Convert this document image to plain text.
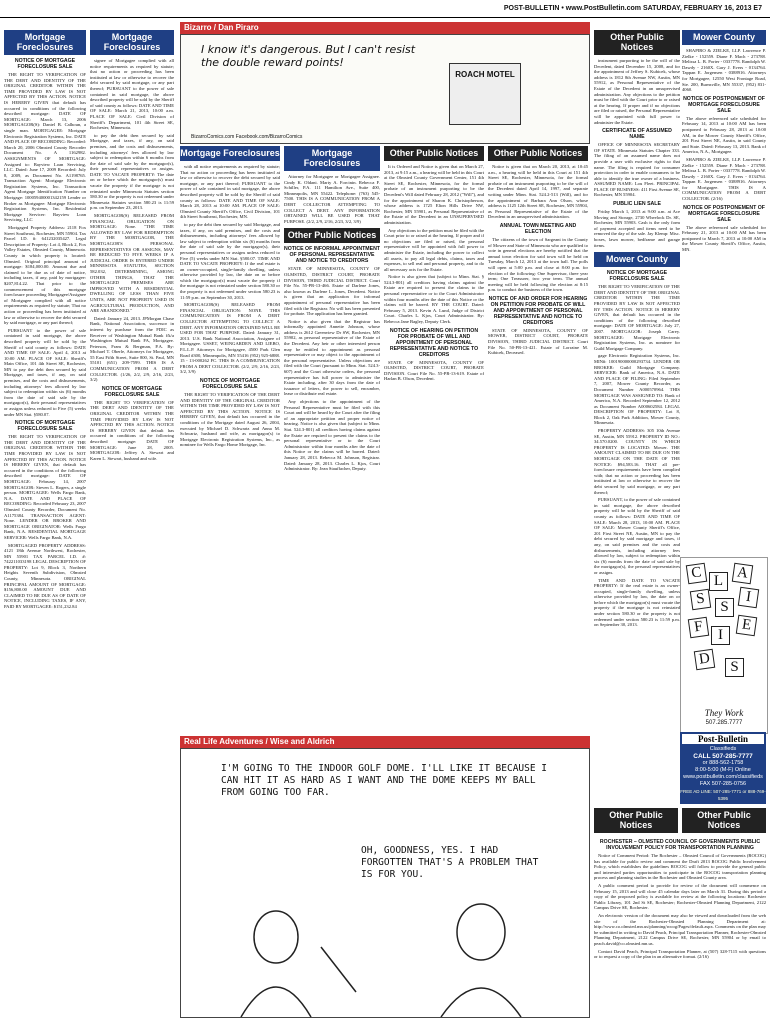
POST-BULLETIN • www.PostBulletin.com SATURDAY, FEBRUARY 16, 2013 E7
Mortgage Foreclosures
NOTICE OF MORTGAGE FORECLOSURE SALE
THE RIGHT TO VERIFICATION OF THE DEBT AND IDENTITY OF THE ORIGINAL CREDITOR WITHIN THE TIME PROVIDED BY LAW IS NOT AFFECTED BY THIS ACTION. NOTICE IS HEREBY GIVEN that default has occurred in conditions of the following described mortgage: DATE OF MORTGAGE: March 13, 2006 MORTGAGOR(S): Daniel B. Calhoun, a single man. MORTGAGEE: Mortgage Electronic Registration Systems, Inc. DATE AND PLACE OF RECORDING: Recorded: March 20, 2006 Olmsted County Recorder Document No. A 1162982. ASSIGNMENTS OF MORTGAGE: Assigned to: Bayview Loan Servicing, LLC. Dated: June 17, 2009 Recorded: July 8, 2009, as Document No. A1198765. Transaction Agent: Mortgage Electronic Registration Systems, Inc. Transaction Agent Mortgage Identification Number on Mortgage: 100059400001342159 Lender or Broker as Mortgagee: Mortgage Electronic Registration Systems, Inc. Residential Mortgage Servicer: Bayview Loan Servicing, LLC
Mortgaged Property Address: 2118 Fox Street Southeast, Rochester, MN 55904. Tax Parcel I.D. #: 641232035427. Legal Description of Property: Lot 4, Block 2, Fox Valley Estates, Olmsted County, Minnesota. County in which property is located: Olmsted. Original principal amount of mortgage: $184,000.00. Amount due and claimed to be due as of date of notice, including taxes, if any, paid by mortgagee: $207,814.22. That prior to the commencement of this mortgage foreclosure proceeding Mortgagee/Assignee of Mortgagee complied with all notice requirements as required by statute; That no action or proceeding has been instituted at law or otherwise to recover the debt secured by said mortgage, or any part thereof;
PURSUANT to the power of sale contained in said mortgage, the above described property will be sold by the Sheriff of said county as follows: DATE AND TIME OF SALE: April 4, 2013 at 10:00 AM. PLACE OF SALE: Sheriff's Main Office, 101 4th Street SE, Rochester, MN to pay the debt then secured by said Mortgage, and taxes, if any, on said premises, and the costs and disbursements, including attorneys' fees allowed by law subject to redemption within six (6) months from the date of said sale by the mortgagor(s), their personal representatives or assigns unless reduced to Five (5) weeks under MN Stat. §580.07.
NOTICE OF MORTGAGE FORECLOSURE SALE
THE RIGHT TO VERIFICATION OF THE DEBT AND IDENTITY OF THE ORIGINAL CREDITOR WITHIN THE TIME PROVIDED BY LAW IS NOT AFFECTED BY THIS ACTION. NOTICE IS HEREBY GIVEN, that default has occurred in the conditions of the following described mortgage: DATE OF MORTGAGE: February 14, 2007 MORTGAGOR: Steven L. Rogers, a single person. MORTGAGEE: Wells Fargo Bank, N.A. DATE AND PLACE OF RECORDING: Recorded February 23, 2007 Olmsted County Recorder, Document No. A1175384. TRANSACTION AGENT: None. LENDER OR BROKER AND MORTGAGE ORIGINATOR: Wells Fargo Bank, N.A. RESIDENTIAL MORTGAGE SERVICER: Wells Fargo Bank, N.A.
MORTGAGED PROPERTY ADDRESS: 4121 18th Avenue Northwest, Rochester, MN 55901 TAX PARCEL I.D. #: 742211033198 LEGAL DESCRIPTION OF PROPERTY: Lot 9, Block 3, Northern Heights Seventh Subdivision, Olmsted County, Minnesota. ORIGINAL PRINCIPAL AMOUNT OF MORTGAGE: $156,800.00 AMOUNT DUE AND CLAIMED TO BE DUE AS OF DATE OF NOTICE, INCLUDING TAXES, IF ANY, PAID BY MORTGAGEE: $151,232.84
Mortgage Foreclosures
signee of Mortgagee complied with all notice requirements as required by statute; that no action or proceeding has been instituted at law or otherwise to recover the debt secured by said mortgage, or any part thereof; PURSUANT to the power of sale contained in said mortgage, the above described property will be sold by the Sheriff of said county as follows: DATE AND TIME OF SALE: March 21, 2013, 10:00 a.m. PLACE OF SALE: Civil Division of Sheriff's Department, 101 4th Street SE, Rochester, Minnesota.
to pay the debt then secured by said Mortgage, and taxes, if any, on said premises, and the costs and disbursements, including attorneys' fees allowed by law subject to redemption within 6 months from the date of said sale by the mortgagor(s), their personal representatives or assigns. DATE TO VACATE PROPERTY: The date on or before which the mortgagor(s) must vacate the property if the mortgage is not reinstated under Minnesota Statutes section 580.30 or the property is not redeemed under Minnesota Statutes section 580.23 is 11:59 p.m. on September 23, 2013.
MORTGAGOR(S) RELEASED FROM FINANCIAL OBLIGATION ON MORTGAGE: None. "THE TIME ALLOWED BY LAW FOR REDEMPTION BY THE MORTGAGOR, THE MORTGAGOR'S PERSONAL REPRESENTATIVES OR ASSIGNS, MAY BE REDUCED TO FIVE WEEKS IF A JUDICIAL ORDER IS ENTERED UNDER MINNESOTA STATUTES, SECTION 582.032, DETERMINING, AMONG OTHER THINGS, THAT THE MORTGAGED PREMISES ARE IMPROVED WITH A RESIDENTIAL DWELLING OF LESS THAN FIVE UNITS, ARE NOT PROPERTY USED IN AGRICULTURAL PRODUCTION, AND ARE ABANDONED."
Dated: January 24, 2013. JPMorgan Chase Bank, National Association, successor in interest by purchase from the FDIC as Receiver of Washington Mutual Bank f/k/a Washington Mutual Bank FA, Mortgagee. Peterson, Fram & Bergman, P.A. By: Michael T. Oberle, Attorneys for Mortgagee, 55 East Fifth Street, Suite 800, St. Paul, MN 55101 (651) 209-7599. THIS IS A COMMUNICATION FROM A DEBT COLLECTOR. (1/26, 2/2, 2/9, 2/16, 2/23, 3/2)
NOTICE OF MORTGAGE FORECLOSURE SALE
THE RIGHT TO VERIFICATION OF THE DEBT AND IDENTITY OF THE ORIGINAL CREDITOR WITHIN THE TIME PROVIDED BY LAW IS NOT AFFECTED BY THIS ACTION. NOTICE IS HEREBY GIVEN that default has occurred in conditions of the following described mortgage: DATE OF MORTGAGE: June 28, 2005. MORTGAGOR: Jeffrey A. Stewart and Karen L. Stewart, husband and wife.
Bizarro / Dan Piraro
I know it's dangerous. But I can't resist the double reward points!
ROACH MOTEL
BizarroComics.com Facebook.com/BizarroComics
Mortgage Foreclosures
with all notice requirements as required by statute; That no action or proceeding has been instituted at law or otherwise to recover the debt secured by said mortgage, or any part thereof; PURSUANT to the power of sale contained in said mortgage, the above described property will be sold by the Sheriff of said county as follows: DATE AND TIME OF SALE: March 28, 2013 at 10:00 AM. PLACE OF SALE: Olmsted County Sheriff's Office, Civil Division, 101 4th Street Southeast, Rochester, MN.
to pay the debt then secured by said Mortgage, and taxes, if any, on said premises, and the costs and disbursements, including attorneys' fees allowed by law subject to redemption within six (6) months from the date of said sale by the mortgagor(s), their personal representatives or assigns unless reduced to Five (5) weeks under MN Stat. §580.07. TIME AND DATE TO VACATE PROPERTY: If the real estate is an owner-occupied, single-family dwelling, unless otherwise provided by law, the date on or before which the mortgagor(s) must vacate the property if the mortgage is not reinstated under section 580.30 or the property is not redeemed under section 580.23 is 11:59 p.m. on September 30, 2013.
MORTGAGOR(S) RELEASED FROM FINANCIAL OBLIGATION: NONE. THIS COMMUNICATION IS FROM A DEBT COLLECTOR ATTEMPTING TO COLLECT A DEBT. ANY INFORMATION OBTAINED WILL BE USED FOR THAT PURPOSE. Dated: January 31, 2013. U.S. Bank National Association, Assignee of Mortgagee. USSET, WEINGARDEN AND LIEBO, P.L.L.P. Attorneys for Mortgagee, 4500 Park Glen Road #300, Minneapolis, MN 55416 (952) 925-6888. 15 - 13-000262 FC. THIS IS A COMMUNICATION FROM A DEBT COLLECTOR. (2/2, 2/9, 2/16, 2/23, 3/2, 3/9)
NOTICE OF MORTGAGE FORECLOSURE SALE
THE RIGHT TO VERIFICATION OF THE DEBT AND IDENTITY OF THE ORIGINAL CREDITOR WITHIN THE TIME PROVIDED BY LAW IS NOT AFFECTED BY THIS ACTION. NOTICE IS HEREBY GIVEN, that default has occurred in the conditions of the Mortgage dated August 26, 2004, executed by Michael D. Schwartz and Anna M. Schwartz, husband and wife, as mortgagor(s) to Mortgage Electronic Registration Systems, Inc., as nominee for Wells Fargo Home Mortgage, Inc.
Mortgage Foreclosures
Attorney for Mortgagee or Mortgagee Assignee. Cindy K. Oldani. Marty A. Forcinin. Rebecca F. Schiller, P.A. 111 Hamilton Ave., Suite 400, Minneapolis, MN 55422. Telephone: (763) 545-7500. THIS IS A COMMUNICATION FROM A DEBT COLLECTOR ATTEMPTING TO COLLECT A DEBT. ANY INFORMATION OBTAINED WILL BE USED FOR THAT PURPOSE. (2/2, 2/9, 2/16, 2/23, 3/2, 3/9)
Other Public Notices
NOTICE OF INFORMAL APPOINTMENT OF PERSONAL REPRESENTATIVE AND NOTICE TO CREDITORS
STATE OF MINNESOTA, COUNTY OF OLMSTED, DISTRICT COURT, PROBATE DIVISION, THIRD JUDICIAL DISTRICT. Court File No. 55-PR-13-466. Estate of Darlene Jones, also known as Darlene L. Jones, Decedent. Notice is given that an application for informal appointment of personal representative has been filed with the Registrar. No will has been presented for probate. The application has been granted.
Notice is also given that the Registrar has informally appointed Annette Johnson, whose address is 2612 Greenview Dr SW, Rochester, MN 55902, as personal representative of the Estate of the Decedent. Any heir or other interested person may be entitled to appointment as personal representative or may object to the appointment of the personal representative. Unless objections are filed with the Court (pursuant to Minn. Stat. 524.3-607) and the Court otherwise orders, the personal representative has full power to administer the Estate including, after 30 days from the date of issuance of letters, the power to sell, encumber, lease or distribute real estate.
Any objections to the appointment of the Personal Representative must be filed with this Court and will be heard by the Court after the filing of an appropriate petition and proper notice of hearing. Notice is also given that (subject to Minn. Stat. 524.3-801) all creditors having claims against the Estate are required to present the claims to the personal representative or to the Court Administrator within four months after the date of this Notice or the claims will be barred. Dated: January 28, 2013. Rebecca M. Johnson, Registrar. Dated: January 28, 2013. Charles L. Kjos, Court Administrator. By: Jean Stauffacher, Deputy.
Other Public Notices
It is Ordered and Notice is given that on March 27, 2013, at 9:15 a.m., a hearing will be held in this Court at the Olmsted County Government Center, 151 4th Street SE, Rochester, Minnesota, for the formal probate of an instrument purporting to be the Decedent's Will dated February 28, 2012 ("Will"), and for the appointment of Sharon K. Christopherson, whose address is 1725 Elton Hills Drive NW, Rochester, MN 55901, as Personal Representative of the Estate of the Decedent in an UNSUPERVISED administration.
Any objections to the petition must be filed with the Court prior to or raised at the hearing. If proper and if no objections are filed or raised, the personal representative will be appointed with full power to administer the Estate, including the power to collect all assets, to pay all legal debts, claims, taxes and expenses, to sell real and personal property, and to do all necessary acts for the Estate.
Notice is also given that (subject to Minn. Stat. § 524.3-801) all creditors having claims against the Estate are required to present the claims to the personal representative or to the Court Administrator within four months after the date of this Notice or the claims will be barred. BY THE COURT. Dated: February 5, 2013. Kevin A. Lund, Judge of District Court. Charles L. Kjos, Court Administrator. By: Rebecca Jane Bagley, Deputy Clerk.
NOTICE OF HEARING ON PETITION FOR PROBATE OF WILL AND APPOINTMENT OF PERSONAL REPRESENTATIVE AND NOTICE TO CREDITORS
STATE OF MINNESOTA, COUNTY OF OLMSTED, DISTRICT COURT, PROBATE DIVISION. Court File No. 55-PR-13-619. Estate of Harlan B. Olson, Decedent.
Other Public Notices
Notice is given that on March 20, 2013, at 10:45 a.m., a hearing will be held in this Court at 151 4th Street SE, Rochester, Minnesota, for the formal probate of an instrument purporting to be the will of the Decedent dated April 14, 1997, and separate writing under Minn. Stat. 524.2-513 (Will), and for the appointment of Barbara Ann Olson, whose address is 1125 12th Street SE, Rochester, MN 55904, as Personal Representative of the Estate of the Decedent in an unsupervised administration.
ANNUAL TOWN MEETING AND ELECTION
The citizens of the town of Sargeant in the County of Mower and State of Minnesota who are qualified to vote in general elections are hereby notified that the annual town election for said town will be held on Tuesday, March 12, 2013 at the town hall. The polls will open at 5:00 p.m. and close at 8:00 p.m. for election of the following: One Supervisor, three year term; One Treasurer, two year term. The annual meeting will be held following the election at 8:15 p.m. to conduct the business of the town.
NOTICE OF AND ORDER FOR HEARING ON PETITION FOR PROBATE OF WILL AND APPOINTMENT OF PERSONAL REPRESENTATIVE AND NOTICE TO CREDITORS
STATE OF MINNESOTA, COUNTY OF MOWER, DISTRICT COURT, PROBATE DIVISION, THIRD JUDICIAL DISTRICT. Court File No. 50-PR-13-421. Estate of Lorraine M. Kubicek, Deceased.
Real Life Adventures / Wise and Aldrich
I'M GOING TO THE INDOOR GOLF DOME. I'LL LIKE IT BECAUSE I CAN HIT IT AS HARD AS I WANT AND THE DOME KEEPS MY BALL FROM GOING TOO FAR.
OH, GOODNESS, YES. I HAD FORGOTTEN THAT'S A PROBLEM THAT IS FOR YOU.
Other Public Notices
instrument purporting to be the will of the Decedent, dated December 15, 2008, and for the appointment of Jeffrey S. Kubicek, whose address is 1812 8th Avenue NW, Austin, MN 55912, as Personal Representative of the Estate of the Decedent in an unsupervised administration. Any objections to the petition must be filed with the Court prior to or raised at the hearing. If proper and if no objections are filed or raised, the Personal Representative will be appointed with full power to administer the Estate.
CERTIFICATE OF ASSUMED NAME
OFFICE OF MINNESOTA SECRETARY OF STATE. Minnesota Statutes Chapter 333. The filing of an assumed name does not provide a user with exclusive rights to that name. The filing is required for consumer protection in order to enable consumers to be able to identify the true owner of a business. ASSUMED NAME: Lou Fleet. PRINCIPAL PLACE OF BUSINESS: 411 First Avenue SE, Rochester, MN 55904.
PUBLIC LIEN SALE
Friday March 1, 2013 at 9:00 a.m. at Ace Moving and Storage, 2730 Wheelock Dr. SE, Rochester, MN 55903. Cash is the only form of payment accepted and items need to be removed the day of the sale. Jay Klemp: Misc. boxes, lawn mower, bedframe and garage items.
Mower County
NOTICE OF MORTGAGE FORECLOSURE SALE
THE RIGHT TO VERIFICATION OF THE DEBT AND IDENTITY OF THE ORIGINAL CREDITOR WITHIN THE TIME PROVIDED BY LAW IS NOT AFFECTED BY THIS ACTION. NOTICE IS HEREBY GIVEN, that default has occurred in the conditions of the following described mortgage: DATE OF MORTGAGE: July 27, 2007. MORTGAGOR: Joseph Carey. MORTGAGEE: Mortgage Electronic Registration Systems, Inc. as nominee for Guild Mortgage Company.
gage Electronic Registration Systems, Inc. MIN#: 100190000000293734. LENDER OR BROKER: Guild Mortgage Company. SERVICER: Bank of America, N.A. DATE AND PLACE OF FILING: Filed September 7, 2007, Mower County Recorder, as Document Number A000570964. THIS MORTGAGE WAS ASSIGNED TO: Bank of America, N.A. Recorded September 12, 2012 as Document Number A000602584. LEGAL DESCRIPTION OF PROPERTY: Lot 8, Block 2, Oak Park Addition, Mower County, Minnesota.
PROPERTY ADDRESS: 305 10th Avenue SE, Austin, MN 55912. PROPERTY ID NO.: 34.570.0200. COUNTY IN WHICH PROPERTY IS LOCATED: Mower. THE AMOUNT CLAIMED TO BE DUE ON THE MORTGAGE ON THE DATE OF THE NOTICE: $94,583.16. THAT all pre-foreclosure requirements have been complied with; that no action or proceeding has been instituted at law or otherwise to recover the debt secured by said mortgage, or any part thereof;
PURSUANT, to the power of sale contained in said mortgage, the above described property will be sold by the Sheriff of said county as follows: DATE AND TIME OF SALE: March 28, 2013, 10:00 AM. PLACE OF SALE: Mower County Sheriff's Office, 201 First Street NE, Austin, MN to pay the debt secured by said mortgage and taxes, if any, on said premises and the costs and disbursements, including attorney fees allowed by law, subject to redemption within six (6) months from the date of said sale by the mortgagor(s), the personal representatives or assigns.
TIME AND DATE TO VACATE PROPERTY: If the real estate is an owner-occupied, single-family dwelling, unless otherwise provided by law, the date on or before which the mortgagor(s) must vacate the property if the mortgage is not reinstated under section 580.30 or the property is not redeemed under section 580.23 is 11:59 p.m. on September 30, 2013.
Mower County
SHAPIRO & ZIELKE, LLP. Lawrence P. Zielke - 152559. Diane F. Mach - 273788. Melissa L. B. Porter - 0337778. Randolph W. Dawdy - 2160X. Gary J. Evers - 0134764. Tappan E. Jorgensen - 0388916. Attorneys for Mortgagee, 12550 West Frontage Road, Ste. 200, Burnsville, MN 55337, (952) 831-4060.
NOTICE OF POSTPONEMENT OF MORTGAGE FORECLOSURE SALE
The above referenced sale scheduled for February 14, 2013 at 10:00 AM has been postponed to February 28, 2013 at 10:00 AM, in the Mower County Sheriff's Office, 201 First Street NE, Austin, in said County and State. Dated: February 13, 2013. Bank of America, N.A., Mortgagee.
SHAPIRO & ZIELKE, LLP. Lawrence P. Zielke - 152559. Diane F. Mach - 273788. Melissa L. B. Porter - 0337778. Randolph W. Dawdy - 2160X. Gary J. Evers - 0134764. Tappan E. Jorgensen - 0388916. Attorneys for Mortgagee. THIS IS A COMMUNICATION FROM A DEBT COLLECTOR. (2/16)
NOTICE OF POSTPONEMENT OF MORTGAGE FORECLOSURE SALE
The above referenced sale scheduled for February 21, 2013 at 10:00 AM has been postponed to March 7, 2013 at 10:00 AM in the Mower County Sheriff's Office, Austin, MN.
C L A
S S
I
F I
E
D	S
They Work
507.285.7777
Post-Bulletin
Classifieds
CALL 507-285-7777
or 888-562-1758
8:00-5:00 (M-F) Online
www.postbulletin.com/classifieds
FAX 507-285-0756
FREE AD LINE: 507-285-7771 or 888-769-5395
Other Public Notices
Other Public Notices
ROCHESTER – OLMSTED COUNCIL OF GOVERNMENTS PUBLIC INVOLVEMENT POLICY FOR TRANSPORTATION PLANNING
Notice of Comment Period: The Rochester – Olmsted Council of Governments (ROCOG) has available for public review and comment the Draft 2013 ROCOG Public Involvement Policy, which establishes the guidelines ROCOG will follow to provide the general public and interested parties opportunities to participate in the ROCOG transportation planning process and planning studies in the Rochester and Olmsted County area.
A public comment period to provide for review of the document will commence on February 15, 2013 and will close 45 calendar days later on March 31. During this period a copy of the proposed policy is available for review at the following locations: Rochester Public Library, 101 2nd St SE, Rochester; Rochester-Olmsted Planning Department, 2122 Campus Drive SE, Rochester.
An electronic version of the document may also be viewed and downloaded from the web site of the Rochester-Olmsted Planning Department at: http://www.co.olmsted.mn.us/planning/rocog/Pages/default.aspx. Comments on the plan may be submitted in writing to David Peach, Principal Transportation Planner, Rochester-Olmsted Planning Department, 2122 Campus Drive SE, Rochester, MN 55904 or by email to peach.david@co.olmsted.mn.us.
Contact David Peach, Principal Transportation Planner, at (507) 328-7115 with questions or to request a copy of the plan in an alternative format. (2/16)
